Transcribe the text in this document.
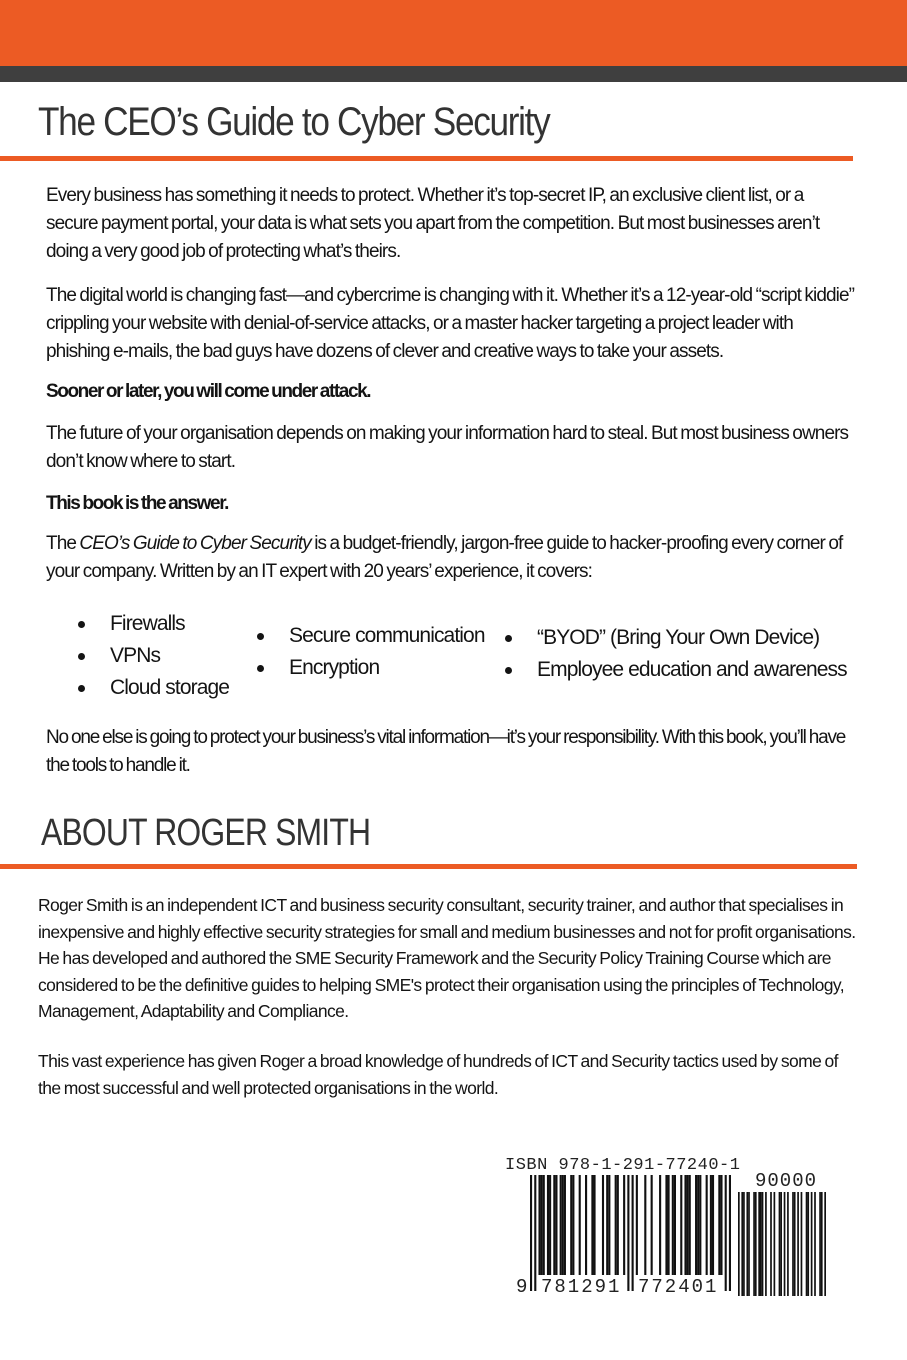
The CEO’s Guide to Cyber Security

Every business has something it needs to protect. Whether it’s top-secret IP, an exclusive client list, or a secure payment portal, your data is what sets you apart from the competition. But most businesses aren’t doing a very good job of protecting what’s theirs.

The digital world is changing fast—and cybercrime is changing with it. Whether it’s a 12-year-old “script kiddie” crippling your website with denial-of-service attacks, or a master hacker targeting a project leader with phishing e-mails, the bad guys have dozens of clever and creative ways to take your assets.

Sooner or later, you will come under attack.

The future of your organisation depends on making your information hard to steal. But most business owners don’t know where to start.

This book is the answer.

The CEO’s Guide to Cyber Security is a budget-friendly, jargon-free guide to hacker-proofing every corner of your company. Written by an IT expert with 20 years’ experience, it covers:

Firewalls
VPNs
Cloud storage
Secure communication
Encryption
“BYOD” (Bring Your Own Device)
Employee education and awareness

No one else is going to protect your business’s vital information—it’s your responsibility. With this book, you’ll have the tools to handle it.

ABOUT ROGER SMITH

Roger Smith is an independent ICT and business security consultant, security trainer, and author that specialises in inexpensive and highly effective security strategies for small and medium businesses and not for profit organisations. He has developed and authored the SME Security Framework and the Security Policy Training Course which are considered to be the definitive guides to helping SME's protect their organisation using the principles of Technology, Management, Adaptability and Compliance.

This vast experience has given Roger a broad knowledge of hundreds of ICT and Security tactics used by some of the most successful and well protected organisations in the world.

ISBN 978-1-291-77240-1

90000

9 781291 772401
